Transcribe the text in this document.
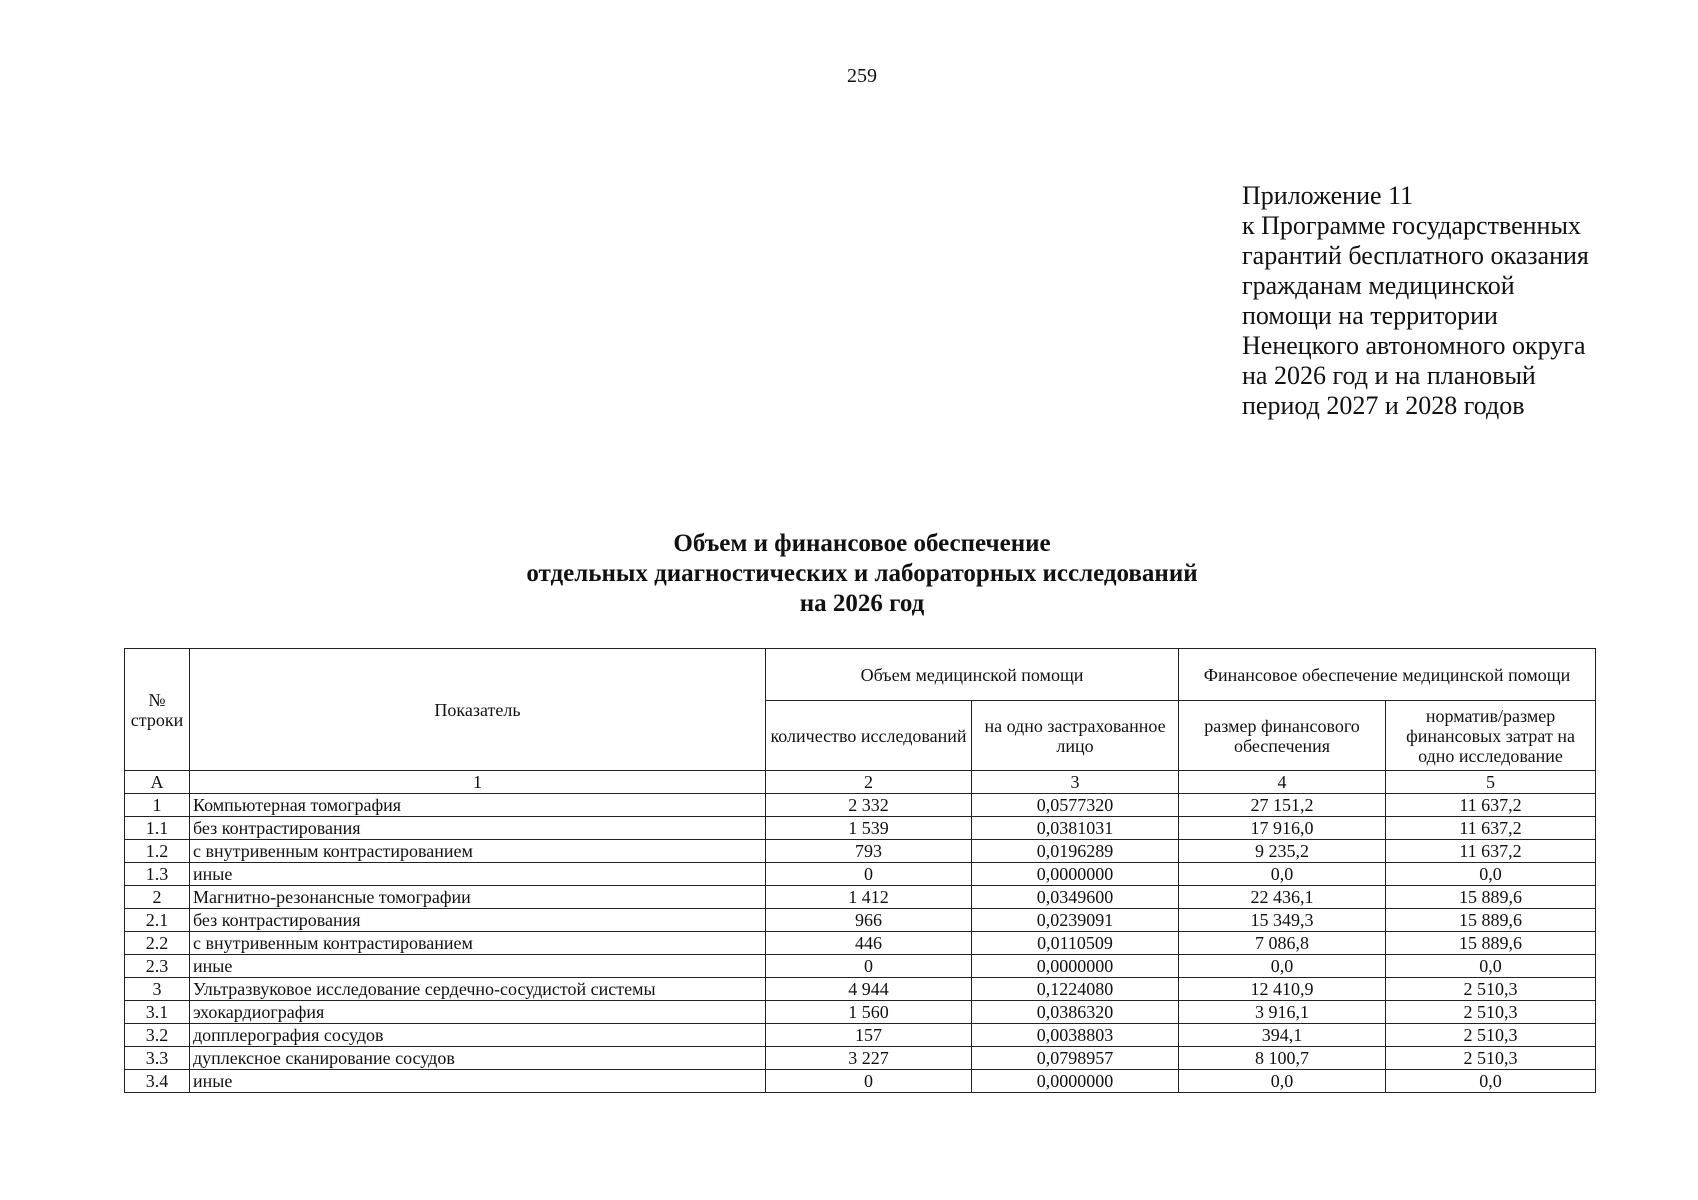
259
Приложение 11
к Программе государственных
гарантий бесплатного оказания
гражданам медицинской
помощи на территории
Ненецкого автономного округа
на 2026 год и на плановый
период 2027 и 2028 годов
Объем и финансовое обеспечение
отдельных диагностических и лабораторных исследований
на 2026 год
№ строки	Показатель	Объем медицинской помощи		Финансовое обеспечение медицинской помощи	
		количество исследований	на одно застрахованное лицо	размер финансового обеспечения	норматив/размер финансовых затрат на одно исследование
А	1	2	3	4	5
1	Компьютерная томография	2 332	0,0577320	27 151,2	11 637,2
1.1	без контрастирования	1 539	0,0381031	17 916,0	11 637,2
1.2	с внутривенным контрастированием	793	0,0196289	9 235,2	11 637,2
1.3	иные	0	0,0000000	0,0	0,0
2	Магнитно-резонансные томографии	1 412	0,0349600	22 436,1	15 889,6
2.1	без контрастирования	966	0,0239091	15 349,3	15 889,6
2.2	с внутривенным контрастированием	446	0,0110509	7 086,8	15 889,6
2.3	иные	0	0,0000000	0,0	0,0
3	Ультразвуковое исследование сердечно-сосудистой системы	4 944	0,1224080	12 410,9	2 510,3
3.1	эхокардиография	1 560	0,0386320	3 916,1	2 510,3
3.2	допплерография сосудов	157	0,0038803	394,1	2 510,3
3.3	дуплексное сканирование сосудов	3 227	0,0798957	8 100,7	2 510,3
3.4	иные	0	0,0000000	0,0	0,0
